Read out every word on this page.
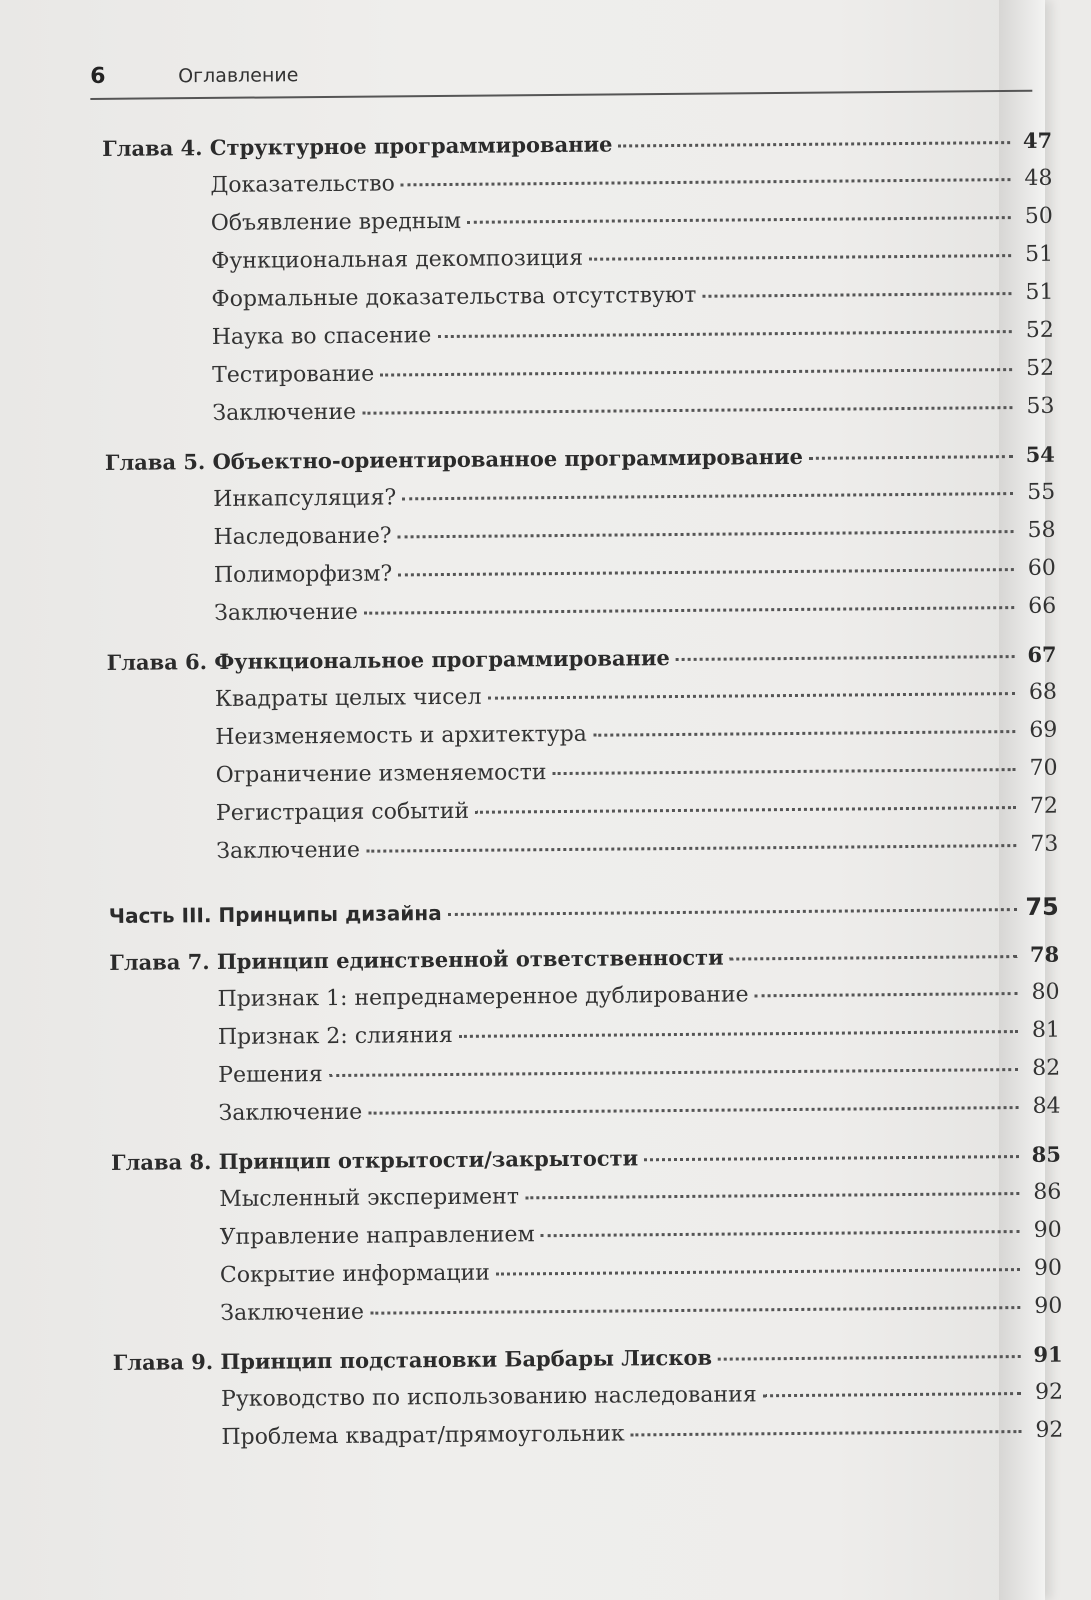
6	Оглавление
Глава 4. Структурное программирование	47
Доказательство	48
Объявление вредным	50
Функциональная декомпозиция	51
Формальные доказательства отсутствуют	51
Наука во спасение	52
Тестирование	52
Заключение	53
Глава 5. Объектно-ориентированное программирование	54
Инкапсуляция?	55
Наследование?	58
Полиморфизм?	60
Заключение	66
Глава 6. Функциональное программирование	67
Квадраты целых чисел	68
Неизменяемость и архитектура	69
Ограничение изменяемости	70
Регистрация событий	72
Заключение	73
Часть III. Принципы дизайна	75
Глава 7. Принцип единственной ответственности	78
Признак 1: непреднамеренное дублирование	80
Признак 2: слияния	81
Решения	82
Заключение	84
Глава 8. Принцип открытости/закрытости	85
Мысленный эксперимент	86
Управление направлением	90
Сокрытие информации	90
Заключение	90
Глава 9. Принцип подстановки Барбары Лисков	91
Руководство по использованию наследования	92
Проблема квадрат/прямоугольник	92
